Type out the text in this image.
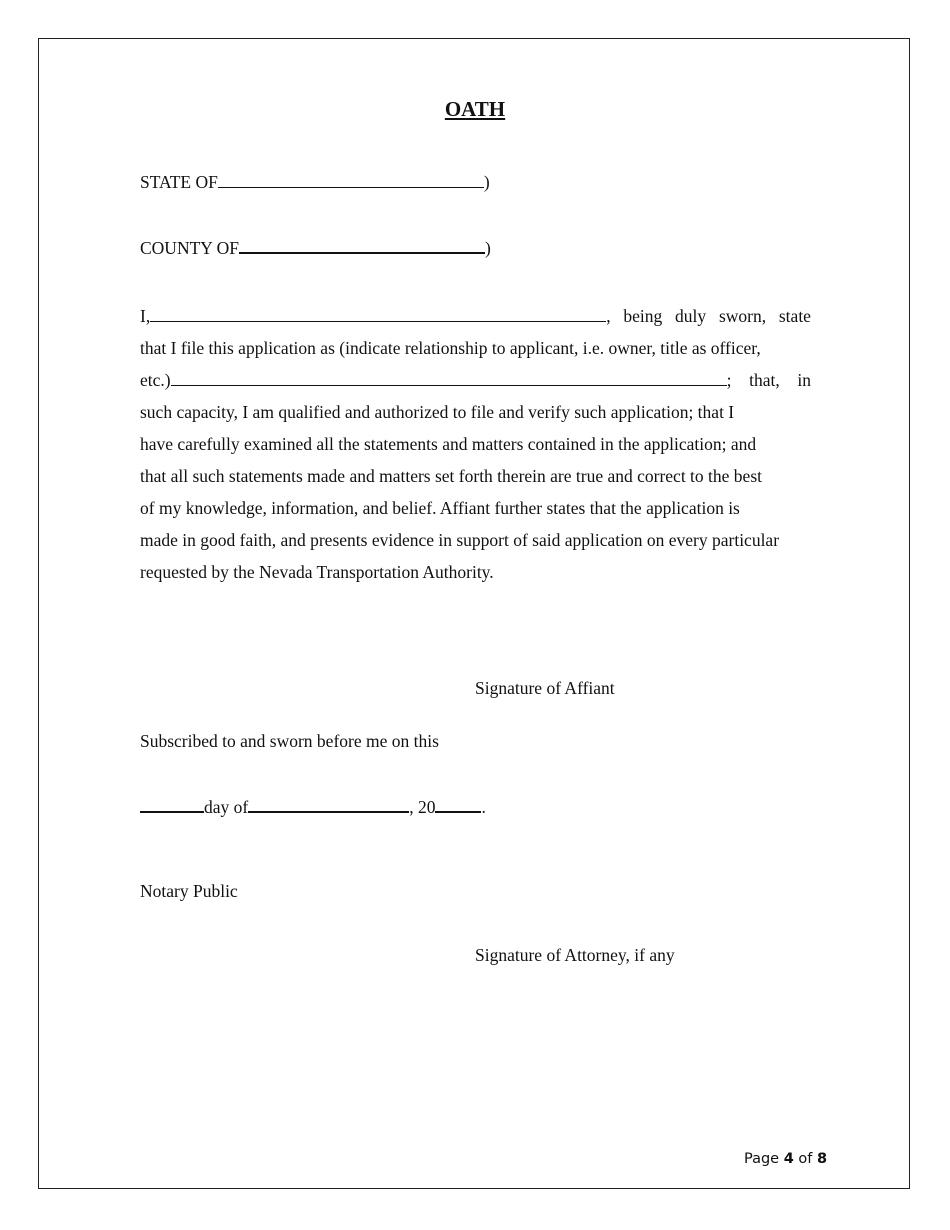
OATH
STATE OF	)
COUNTY OF	)
I,	, being duly sworn, state
that I file this application as (indicate relationship to applicant, i.e. owner, title as officer,
etc.)	; that, in
such capacity, I am qualified and authorized to file and verify such application; that I
have carefully examined all the statements and matters contained in the application; and
that all such statements made and matters set forth therein are true and correct to the best
of my knowledge, information, and belief. Affiant further states that the application is
made in good faith, and presents evidence in support of said application on every particular
requested by the Nevada Transportation Authority.
Signature of Affiant
Subscribed to and sworn before me on this
day of	, 20	.
Notary Public
Signature of Attorney, if any
Page 4 of 8
